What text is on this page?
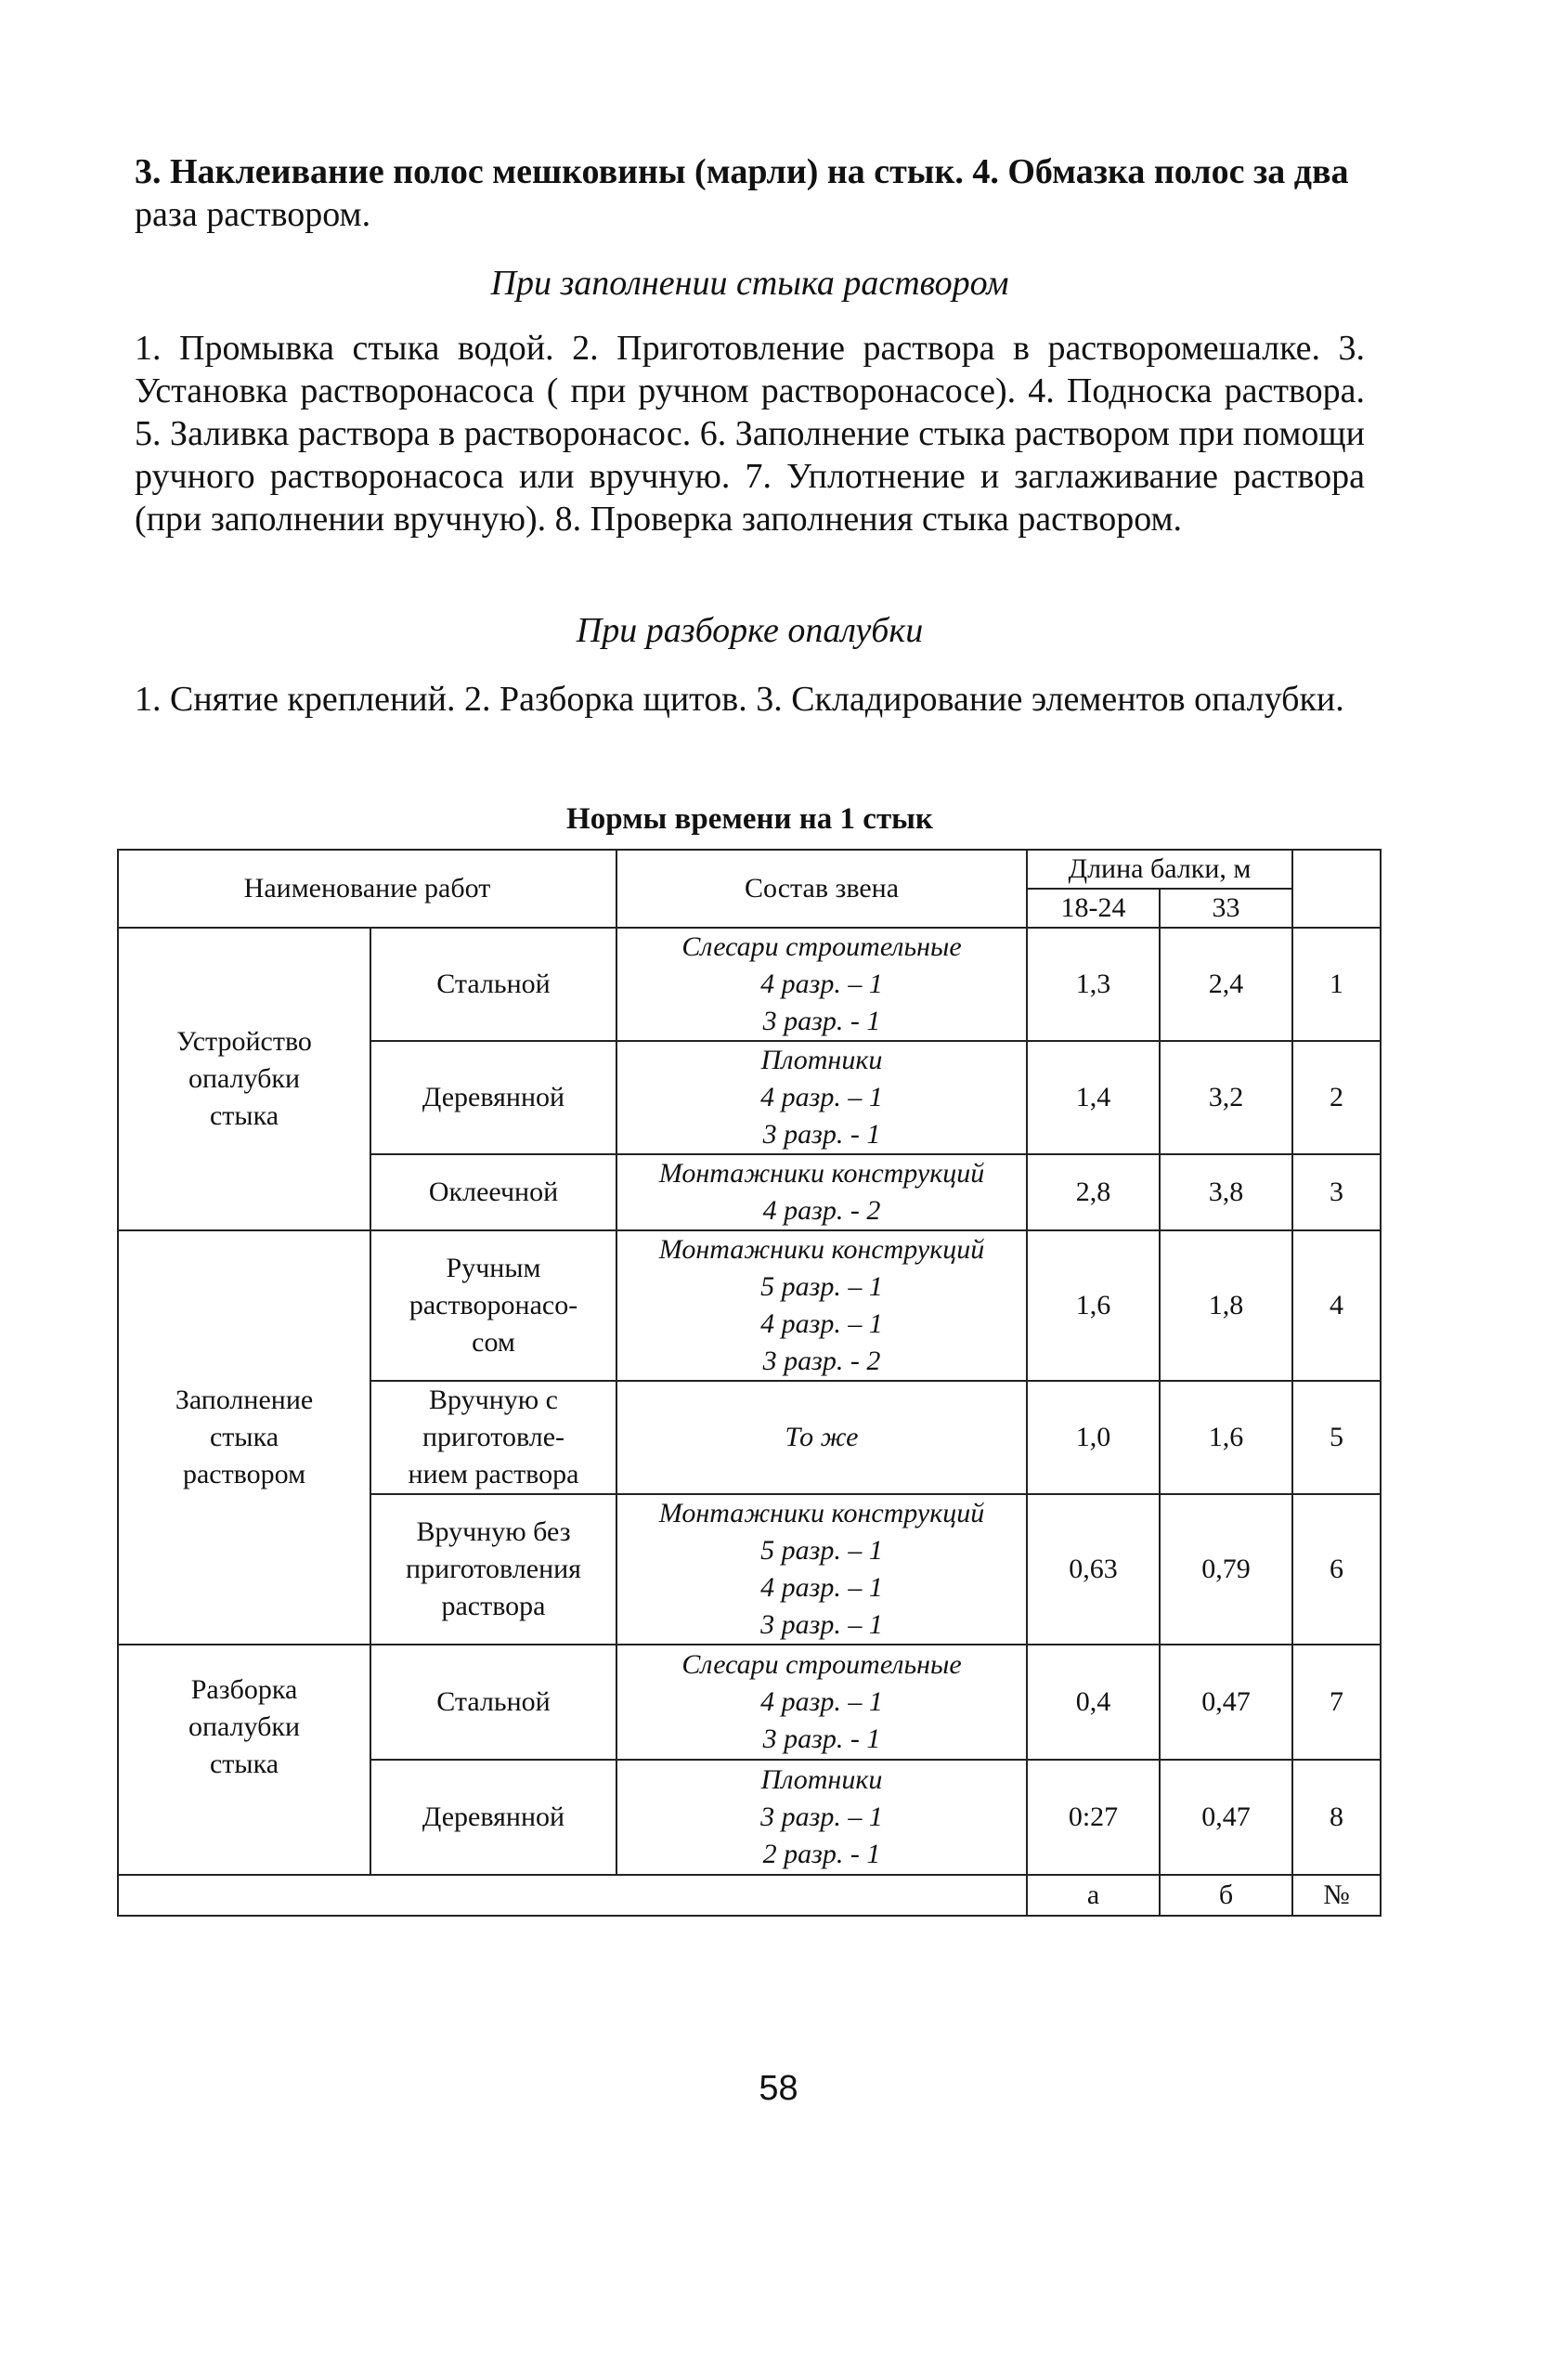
3. Наклеивание полос мешковины (марли) на стык. 4. Обмазка полос за два
раза раствором.
При заполнении стыка раствором
1. Промывка стыка водой. 2. Приготовление раствора в растворомешалке. 3. Установка растворонасоса ( при ручном растворонасосе). 4. Подноска раствора. 5. Заливка раствора в растворонасос. 6. Заполнение стыка раствором при помощи ручного растворонасоса или вручную. 7. Уплотнение и заглаживание раствора (при заполнении вручную). 8. Проверка заполнения стыка раствором.
При разборке опалубки
1. Снятие креплений. 2. Разборка щитов. 3. Складирование элементов опалубки.
Нормы времени на 1 стык
Наименование работ		Состав звена	Длина балки, м		
			18-24	33	
Устройство
опалубки
стыка	Стальной	Слесари строительные
4 разр. – 1
3 разр. - 1	1,3	2,4	1
	Деревянной	Плотники
4 разр. – 1
3 разр. - 1	1,4	3,2	2
	Оклеечной	Монтажники конструкций
4 разр. - 2	2,8	3,8	3
Заполнение
стыка
раствором	Ручным
растворонасо-
сом	Монтажники конструкций
5 разр. – 1
4 разр. – 1
3 разр. - 2	1,6	1,8	4
	Вручную с
приготовле-
нием раствора	То же	1,0	1,6	5
	Вручную без
приготовления
раствора	Монтажники конструкций
5 разр. – 1
4 разр. – 1
3 разр. – 1	0,63	0,79	6
Разборка
опалубки
стыка	Стальной	Слесари строительные
4 разр. – 1
3 разр. - 1	0,4	0,47	7
	Деревянной	Плотники
3 разр. – 1
2 разр. - 1	0:27	0,47	8
			а	б	№
58
